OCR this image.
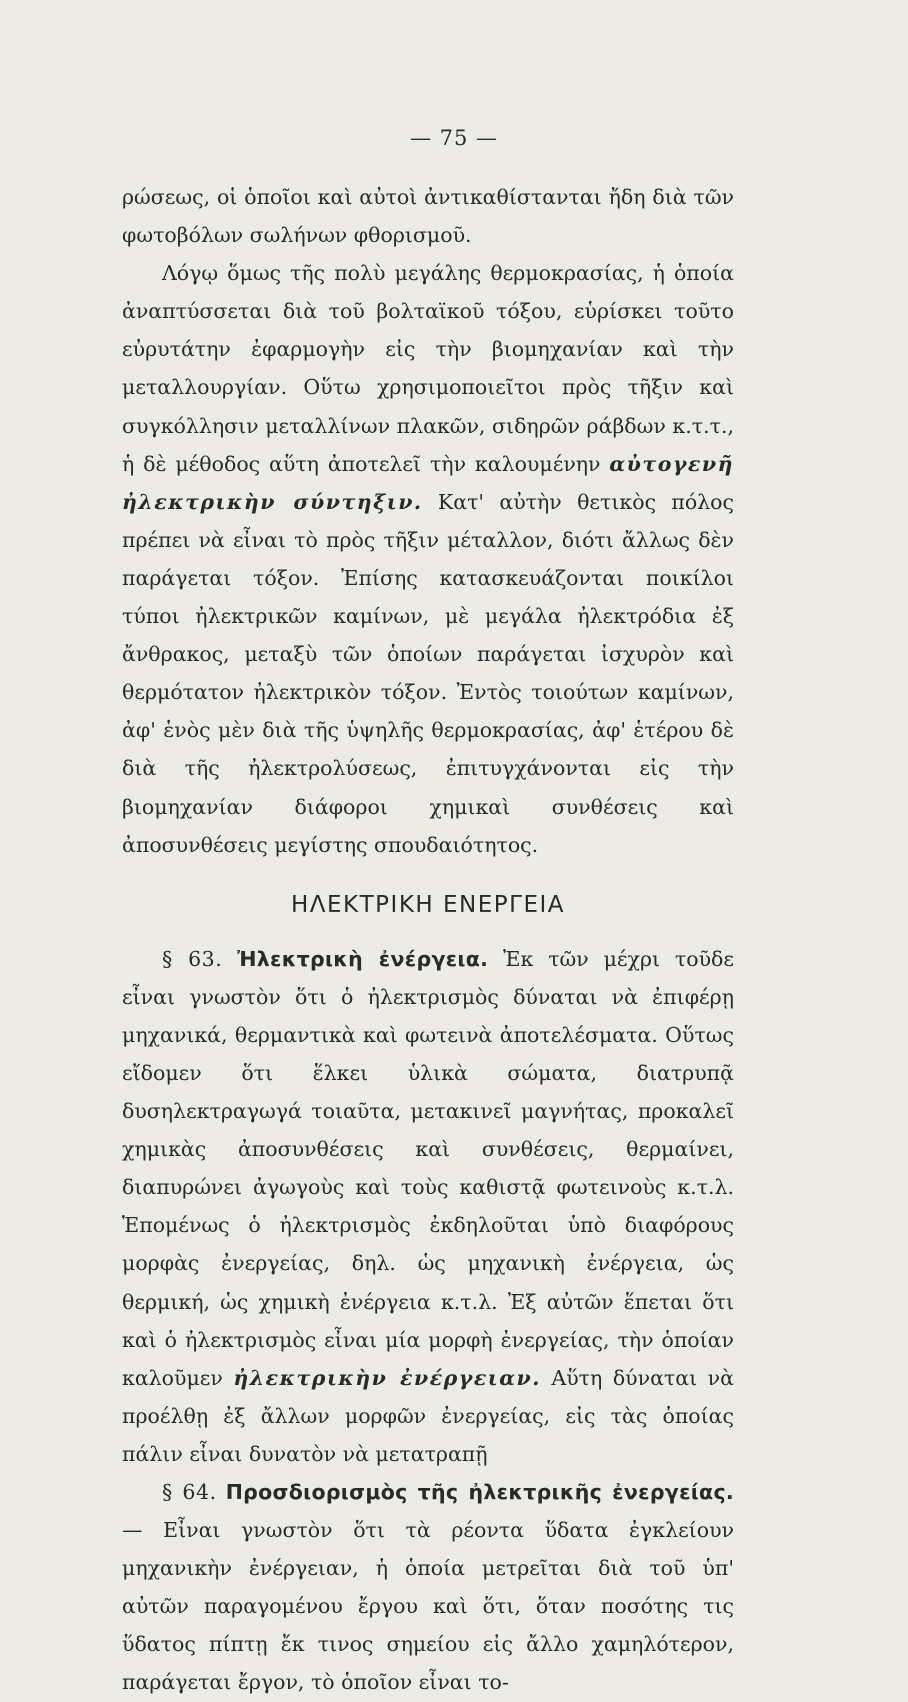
— 75 —

ρώσεως, οἱ ὁποῖοι καὶ αὐτοὶ ἀντικαθίστανται ἤδη διὰ τῶν φωτοβόλων σωλήνων φθορισμοῦ.

Λόγῳ ὅμως τῆς πολὺ μεγάλης θερμοκρασίας, ἡ ὁποία ἀναπτύσσεται διὰ τοῦ βολταϊκοῦ τόξου, εὑρίσκει τοῦτο εὐρυτάτην ἐφαρμογὴν εἰς τὴν βιομηχανίαν καὶ τὴν μεταλλουργίαν. Οὕτω χρησιμοποιεῖτοι πρὸς τῆξιν καὶ συγκόλλησιν μεταλλίνων πλακῶν, σιδηρῶν ράβδων κ.τ.τ., ἡ δὲ μέθοδος αὕτη ἀποτελεῖ τὴν καλουμένην αὐτογενῆ ἠλεκτρικὴν σύντηξιν. Κατ' αὐτὴν θετικὸς πόλος πρέπει νὰ εἶναι τὸ πρὸς τῆξιν μέταλλον, διότι ἄλλως δὲν παράγεται τόξον. Ἐπίσης κατασκευάζονται ποικίλοι τύποι ἠλεκτρικῶν καμίνων, μὲ μεγάλα ἠλεκτρόδια ἐξ ἄνθρακος, μεταξὺ τῶν ὁποίων παράγεται ἰσχυρὸν καὶ θερμότατον ἠλεκτρικὸν τόξον. Ἐντὸς τοιούτων καμίνων, ἀφ' ἑνὸς μὲν διὰ τῆς ὑψηλῆς θερμοκρασίας, ἀφ' ἑτέρου δὲ διὰ τῆς ἠλεκτρολύσεως, ἐπιτυγχάνονται εἰς τὴν βιομηχανίαν διάφοροι χημικαὶ συνθέσεις καὶ ἀποσυνθέσεις μεγίστης σπουδαιότητος.

ΗΛΕΚΤΡΙΚΗ ΕΝΕΡΓΕΙΑ

§ 63. Ἠλεκτρικὴ ἐνέργεια. Ἐκ τῶν μέχρι τοῦδε εἶναι γνωστὸν ὅτι ὁ ἠλεκτρισμὸς δύναται νὰ ἐπιφέρῃ μηχανικά, θερμαντικὰ καὶ φωτεινὰ ἀποτελέσματα. Οὕτως εἴδομεν ὅτι ἕλκει ὑλικὰ σώματα, διατρυπᾷ δυσηλεκτραγωγά τοιαῦτα, μετακινεῖ μαγνήτας, προκαλεῖ χημικὰς ἀποσυνθέσεις καὶ συνθέσεις, θερμαίνει, διαπυρώνει ἀγωγοὺς καὶ τοὺς καθιστᾷ φωτεινοὺς κ.τ.λ. Ἑπομένως ὁ ἠλεκτρισμὸς ἐκδηλοῦται ὑπὸ διαφόρους μορφὰς ἐνεργείας, δηλ. ὡς μηχανικὴ ἐνέργεια, ὡς θερμική, ὡς χημικὴ ἐνέργεια κ.τ.λ. Ἐξ αὐτῶν ἕπεται ὅτι καὶ ὁ ἠλεκτρισμὸς εἶναι μία μορφὴ ἐνεργείας, τὴν ὁποίαν καλοῦμεν ἠλεκτρικὴν ἐνέργειαν. Αὕτη δύναται νὰ προέλθῃ ἐξ ἄλλων μορφῶν ἐνεργείας, εἰς τὰς ὁποίας πάλιν εἶναι δυνατὸν νὰ μετατραπῇ

§ 64. Προσδιορισμὸς τῆς ἠλεκτρικῆς ἐνεργείας.— Εἶναι γνωστὸν ὅτι τὰ ρέοντα ὕδατα ἐγκλείουν μηχανικὴν ἐνέργειαν, ἡ ὁποία μετρεῖται διὰ τοῦ ὑπ' αὐτῶν παραγομένου ἔργου καὶ ὅτι, ὅταν ποσότης τις ὕδατος πίπτῃ ἔκ τινος σημείου εἰς ἄλλο χαμηλότερον, παράγεται ἔργον, τὸ ὁποῖον εἶναι το-
